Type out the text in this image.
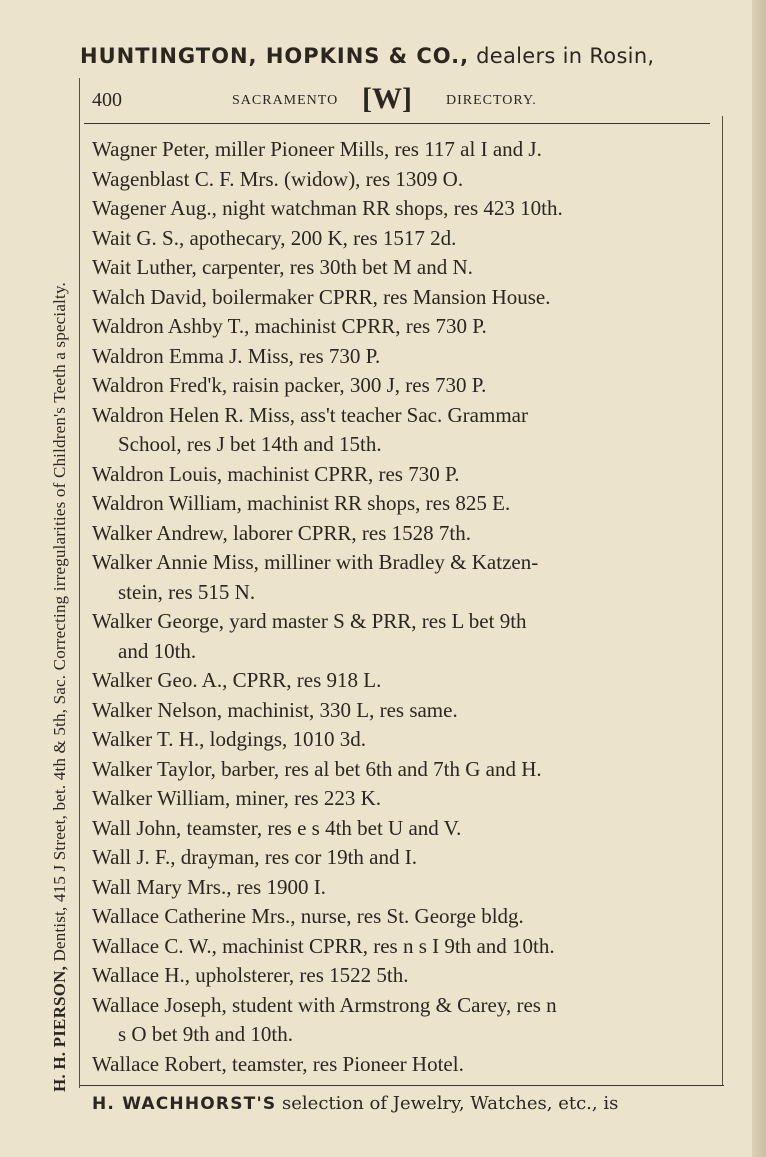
HUNTINGTON, HOPKINS & CO., dealers in Rosin,
H. H. PIERSON, Dentist, 415 J Street, bet. 4th & 5th, Sac. Correcting irregularities of Children's Teeth a specialty.
400	SACRAMENTO [W] DIRECTORY.
Wagner Peter, miller Pioneer Mills, res 117 al I and J.
Wagenblast C. F. Mrs. (widow), res 1309 O.
Wagener Aug., night watchman RR shops, res 423 10th.
Wait G. S., apothecary, 200 K, res 1517 2d.
Wait Luther, carpenter, res 30th bet M and N.
Walch David, boilermaker CPRR, res Mansion House.
Waldron Ashby T., machinist CPRR, res 730 P.
Waldron Emma J. Miss, res 730 P.
Waldron Fred'k, raisin packer, 300 J, res 730 P.
Waldron Helen R. Miss, ass't teacher Sac. Grammar
School, res J bet 14th and 15th.
Waldron Louis, machinist CPRR, res 730 P.
Waldron William, machinist RR shops, res 825 E.
Walker Andrew, laborer CPRR, res 1528 7th.
Walker Annie Miss, milliner with Bradley & Katzen-
stein, res 515 N.
Walker George, yard master S & PRR, res L bet 9th
and 10th.
Walker Geo. A., CPRR, res 918 L.
Walker Nelson, machinist, 330 L, res same.
Walker T. H., lodgings, 1010 3d.
Walker Taylor, barber, res al bet 6th and 7th G and H.
Walker William, miner, res 223 K.
Wall John, teamster, res e s 4th bet U and V.
Wall J. F., drayman, res cor 19th and I.
Wall Mary Mrs., res 1900 I.
Wallace Catherine Mrs., nurse, res St. George bldg.
Wallace C. W., machinist CPRR, res n s I 9th and 10th.
Wallace H., upholsterer, res 1522 5th.
Wallace Joseph, student with Armstrong & Carey, res n
s O bet 9th and 10th.
Wallace Robert, teamster, res Pioneer Hotel.
H. WACHHORST'S selection of Jewelry, Watches, etc., is
